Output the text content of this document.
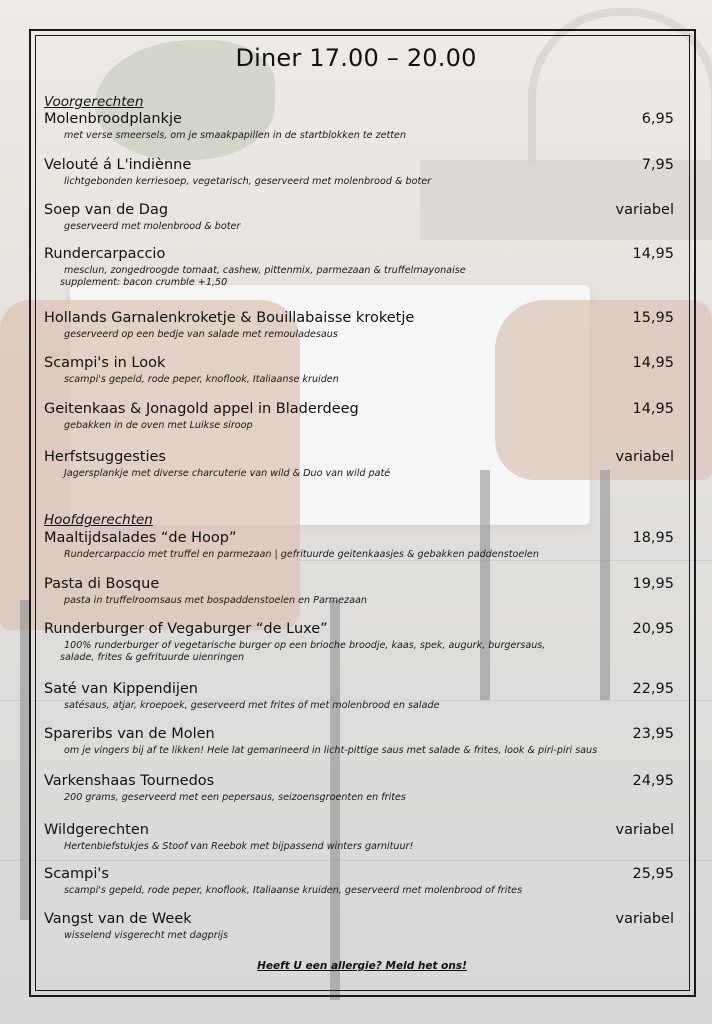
Diner 17.00 – 20.00
Voorgerechten
Molenbroodplankje	6,95
met verse smeersels, om je smaakpapillen in de startblokken te zetten
Velouté á L'indiènne	7,95
lichtgebonden kerriesoep, vegetarisch, geserveerd met molenbrood & boter
Soep van de Dag	variabel
geserveerd met molenbrood & boter
Rundercarpaccio	14,95
mesclun, zongedroogde tomaat, cashew, pittenmix, parmezaan & truffelmayonaise
supplement: bacon crumble +1,50
Hollands Garnalenkroketje & Bouillabaisse kroketje	15,95
geserveerd op een bedje van salade met remouladesaus
Scampi's in Look	14,95
scampi's gepeld, rode peper, knoflook, Italiaanse kruiden
Geitenkaas & Jonagold appel in Bladerdeeg	14,95
gebakken in de oven met Luikse siroop
Herfstsuggesties	variabel
Jagersplankje met diverse charcuterie van wild & Duo van wild paté
Hoofdgerechten
Maaltijdsalades “de Hoop”	18,95
Rundercarpaccio met truffel en parmezaan | gefrituurde geitenkaasjes & gebakken paddenstoelen
Pasta di Bosque	19,95
pasta in truffelroomsaus met bospaddenstoelen en Parmezaan
Runderburger of Vegaburger “de Luxe”	20,95
100% runderburger of vegetarische burger op een brioche broodje, kaas, spek, augurk, burgersaus,
salade, frites & gefrituurde uienringen
Saté van Kippendijen	22,95
satésaus, atjar, kroepoek, geserveerd met frites of met molenbrood en salade
Spareribs van de Molen	23,95
om je vingers bij af te likken! Hele lat gemarineerd in licht-pittige saus met salade & frites, look & piri-piri saus
Varkenshaas Tournedos	24,95
200 grams, geserveerd met een pepersaus, seizoensgroenten en frites
Wildgerechten	variabel
Hertenbiefstukjes & Stoof van Reebok met bijpassend winters garnituur!
Scampi's	25,95
scampi's gepeld, rode peper, knoflook, Italiaanse kruiden, geserveerd met molenbrood of frites
Vangst van de Week	variabel
wisselend visgerecht met dagprijs
Heeft U een allergie? Meld het ons!
